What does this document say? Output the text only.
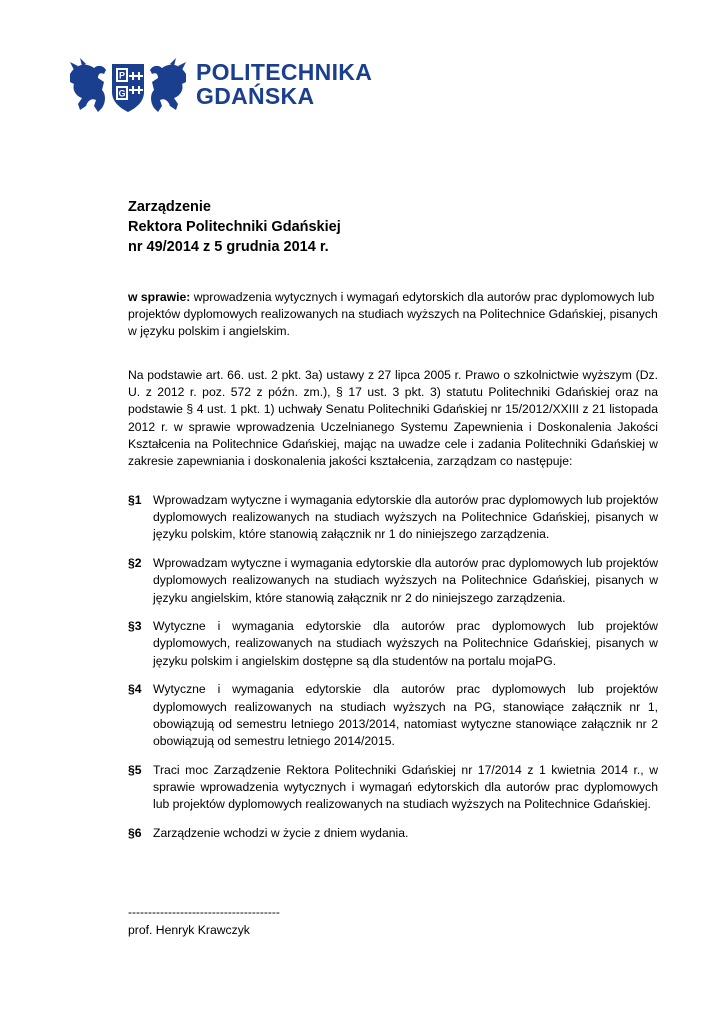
P
G
POLITECHNIKA
GDAŃSKA
Zarządzenie
Rektora Politechniki Gdańskiej
nr 49/2014 z 5 grudnia 2014 r.
w sprawie: wprowadzenia wytycznych i wymagań edytorskich dla autorów prac dyplomowych lub projektów dyplomowych realizowanych na studiach wyższych na Politechnice Gdańskiej, pisanych w języku polskim i angielskim.
Na podstawie art. 66. ust. 2 pkt. 3a) ustawy z 27 lipca 2005 r. Prawo o szkolnictwie wyższym (Dz. U. z 2012 r. poz. 572 z późn. zm.), § 17 ust. 3 pkt. 3) statutu Politechniki Gdańskiej oraz na podstawie § 4 ust. 1 pkt. 1) uchwały Senatu Politechniki Gdańskiej nr 15/2012/XXIII z 21 listopada 2012 r. w sprawie wprowadzenia Uczelnianego Systemu Zapewnienia i Doskonalenia Jakości Kształcenia na Politechnice Gdańskiej, mając na uwadze cele i zadania Politechniki Gdańskiej w zakresie zapewniania i doskonalenia jakości kształcenia, zarządzam co następuje:
§1 Wprowadzam wytyczne i wymagania edytorskie dla autorów prac dyplomowych lub projektów dyplomowych realizowanych na studiach wyższych na Politechnice Gdańskiej, pisanych w języku polskim, które stanowią załącznik nr 1 do niniejszego zarządzenia.
§2 Wprowadzam wytyczne i wymagania edytorskie dla autorów prac dyplomowych lub projektów dyplomowych realizowanych na studiach wyższych na Politechnice Gdańskiej, pisanych w języku angielskim, które stanowią załącznik nr 2 do niniejszego zarządzenia.
§3 Wytyczne i wymagania edytorskie dla autorów prac dyplomowych lub projektów dyplomowych, realizowanych na studiach wyższych na Politechnice Gdańskiej, pisanych w języku polskim i angielskim dostępne są dla studentów na portalu mojaPG.
§4 Wytyczne i wymagania edytorskie dla autorów prac dyplomowych lub projektów dyplomowych realizowanych na studiach wyższych na PG, stanowiące załącznik nr 1, obowiązują od semestru letniego 2013/2014, natomiast wytyczne stanowiące załącznik nr 2 obowiązują od semestru letniego 2014/2015.
§5 Traci moc Zarządzenie Rektora Politechniki Gdańskiej nr 17/2014 z 1 kwietnia 2014 r., w sprawie wprowadzenia wytycznych i wymagań edytorskich dla autorów prac dyplomowych lub projektów dyplomowych realizowanych na studiach wyższych na Politechnice Gdańskiej.
§6 Zarządzenie wchodzi w życie z dniem wydania.
--------------------------------------
prof. Henryk Krawczyk
